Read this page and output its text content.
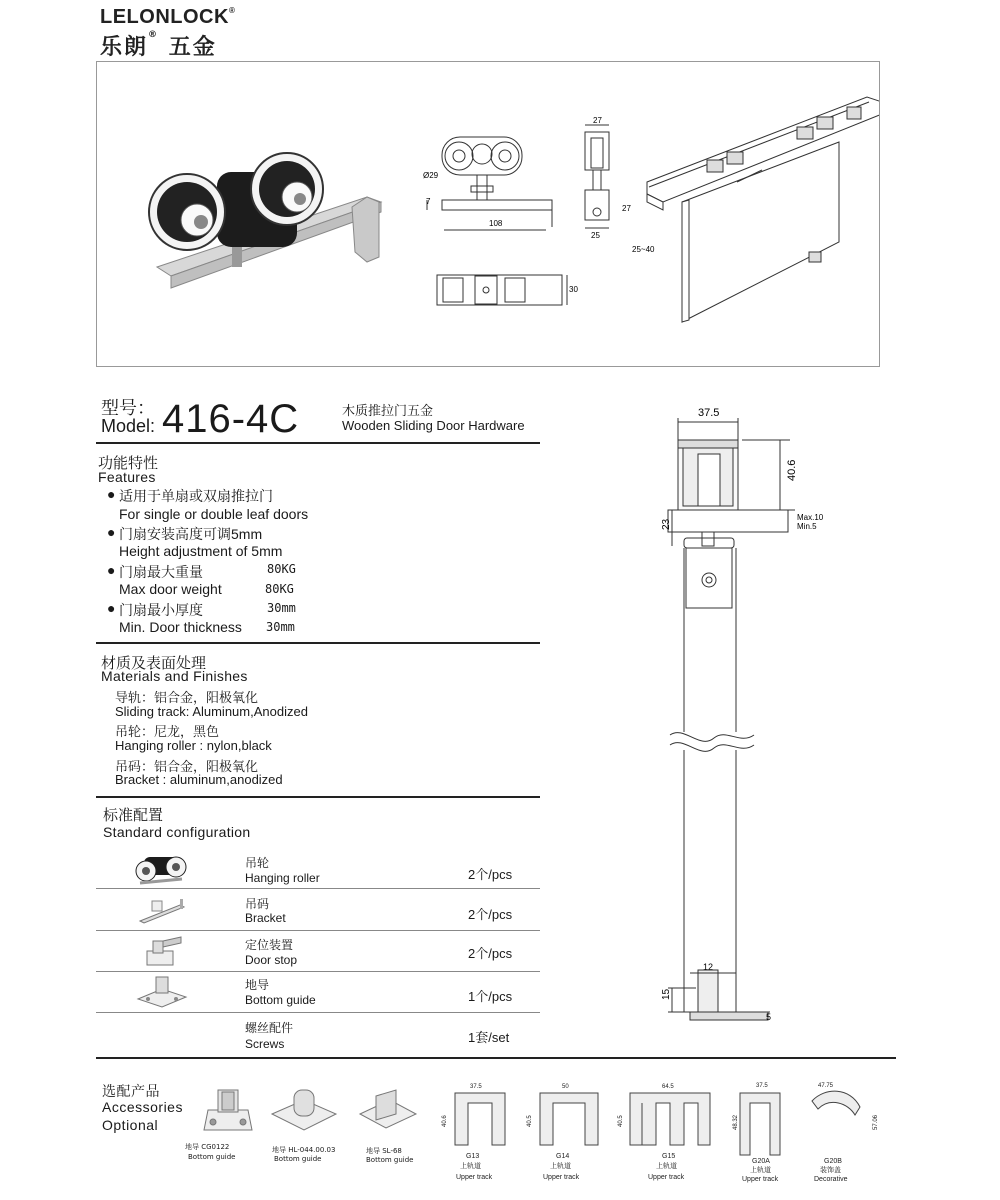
LELONLOCK®
乐朗® 五金
Ø29
7
108
27
27
25
30
25~40
型号：
Model: 416-4C	木质推拉门五金
Wooden Sliding Door Hardware
功能特性
Features
● 适用于单扇或双扇推拉门
For single or double leaf doors
● 门扇安装高度可调5mm
Height adjustment of 5mm
● 门扇最大重量	80KG
Max door weight	80KG
● 门扇最小厚度	30mm
Min. Door thickness 30mm
材质及表面处理
Materials and Finishes
导轨：铝合金，阳极氧化
Sliding track: Aluminum,Anodized
吊轮：尼龙，黑色
Hanging roller : nylon,black
吊码：铝合金，阳极氧化
Bracket : aluminum,anodized
标准配置
Standard configuration
吊轮
Hanging roller	2个/pcs
吊码
Bracket	2个/pcs
定位装置
Door stop	2个/pcs
地导
Bottom guide	1个/pcs
螺丝配件
Screws	1套/set
37.5
40.6
Max.10
Min.5
23
12
15
5
选配产品
Accessories
Optional
地导 CG0122
Bottom guide
地导 HL-044.00.03
Bottom guide
地导 SL-68
Bottom guide
37.5	50	64.5	37.5	47.75
40.6	40.5	40.5	48.32	57.06
G13
上轨道
Upper track
G14
上轨道
Upper track
G15
上轨道
Upper track
G20A
上轨道
Upper track
G20B
装饰盖
Decorative
